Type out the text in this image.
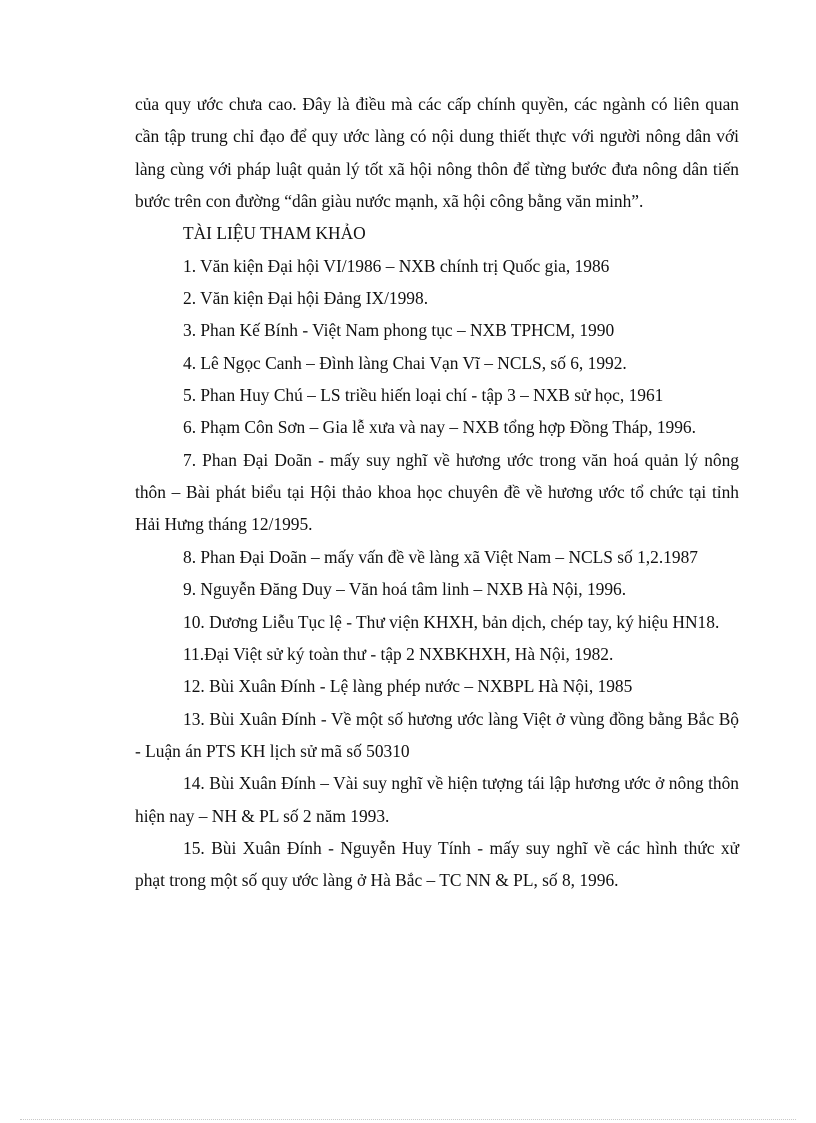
của quy ước chưa cao. Đây là điều mà các cấp chính quyền, các ngành có liên quan cần tập trung chỉ đạo để quy ước làng có nội dung thiết thực với người nông dân với làng cùng với pháp luật quản lý tốt xã hội nông thôn để từng bước đưa nông dân tiến bước trên con đường “dân giàu nước mạnh, xã hội công bằng văn minh”.

TÀI LIỆU THAM KHẢO

1. Văn kiện Đại hội VI/1986 – NXB chính trị Quốc gia, 1986

2. Văn kiện Đại hội Đảng IX/1998.

3. Phan Kế Bính - Việt Nam phong tục – NXB TPHCM, 1990

4. Lê Ngọc Canh – Đình làng Chai Vạn Vĩ – NCLS, số 6, 1992.

5. Phan Huy Chú – LS triều hiến loại chí - tập 3 – NXB sử học, 1961

6. Phạm Côn Sơn – Gia lễ xưa và nay – NXB tổng hợp Đồng Tháp, 1996.

7. Phan Đại Doãn - mấy suy nghĩ về hương ước trong văn hoá quản lý nông thôn – Bài phát biểu tại Hội thảo khoa học chuyên đề về hương ước tổ chức tại tỉnh Hải Hưng tháng 12/1995.

8. Phan Đại Doãn – mấy vấn đề về làng xã Việt Nam – NCLS số 1,2.1987

9. Nguyễn Đăng Duy – Văn hoá tâm linh – NXB Hà Nội, 1996.

10. Dương Liễu Tục lệ - Thư viện KHXH, bản dịch, chép tay, ký hiệu HN18.

11.Đại Việt sử ký toàn thư - tập 2 NXBKHXH, Hà Nội, 1982.

12. Bùi Xuân Đính - Lệ làng phép nước – NXBPL Hà Nội, 1985

13. Bùi Xuân Đính - Về một số hương ước làng Việt ở vùng đồng bằng Bắc Bộ - Luận án PTS KH lịch sử mã số 50310

14. Bùi Xuân Đính – Vài suy nghĩ về hiện tượng tái lập hương ước ở nông thôn hiện nay – NH & PL số 2 năm 1993.

15. Bùi Xuân Đính - Nguyễn Huy Tính - mấy suy nghĩ về các hình thức xử phạt trong một số quy ước làng ở Hà Bắc – TC NN & PL, số 8, 1996.
